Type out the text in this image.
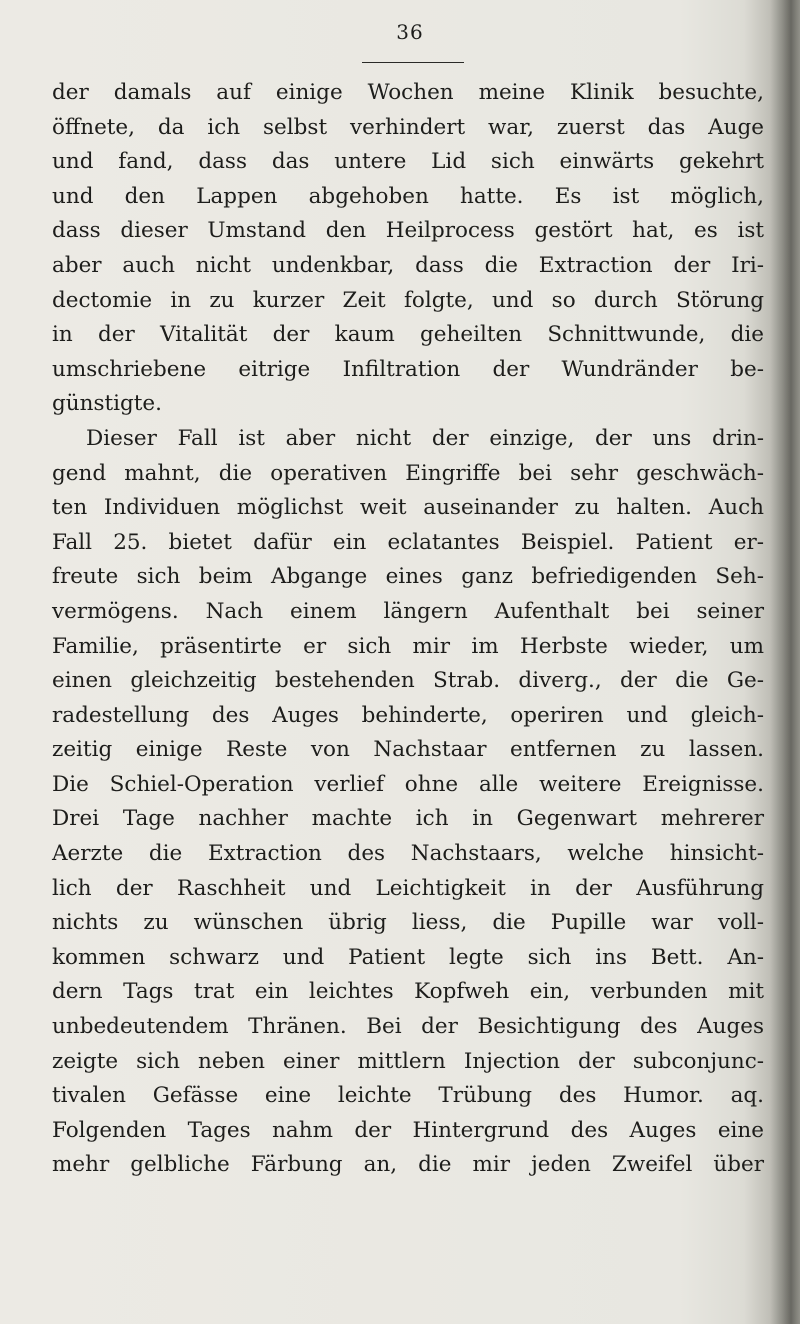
36
der damals auf einige Wochen meine Klinik besuchte,
öffnete, da ich selbst verhindert war, zuerst das Auge
und fand, dass das untere Lid sich einwärts gekehrt
und den Lappen abgehoben hatte. Es ist möglich,
dass dieser Umstand den Heilprocess gestört hat, es ist
aber auch nicht undenkbar, dass die Extraction der Iri-
dectomie in zu kurzer Zeit folgte, und so durch Störung
in der Vitalität der kaum geheilten Schnittwunde, die
umschriebene eitrige Infiltration der Wundränder be-
günstigte.
Dieser Fall ist aber nicht der einzige, der uns drin-
gend mahnt, die operativen Eingriffe bei sehr geschwäch-
ten Individuen möglichst weit auseinander zu halten. Auch
Fall 25. bietet dafür ein eclatantes Beispiel. Patient er-
freute sich beim Abgange eines ganz befriedigenden Seh-
vermögens. Nach einem längern Aufenthalt bei seiner
Familie, präsentirte er sich mir im Herbste wieder, um
einen gleichzeitig bestehenden Strab. diverg., der die Ge-
radestellung des Auges behinderte, operiren und gleich-
zeitig einige Reste von Nachstaar entfernen zu lassen.
Die Schiel-Operation verlief ohne alle weitere Ereignisse.
Drei Tage nachher machte ich in Gegenwart mehrerer
Aerzte die Extraction des Nachstaars, welche hinsicht-
lich der Raschheit und Leichtigkeit in der Ausführung
nichts zu wünschen übrig liess, die Pupille war voll-
kommen schwarz und Patient legte sich ins Bett. An-
dern Tags trat ein leichtes Kopfweh ein, verbunden mit
unbedeutendem Thränen. Bei der Besichtigung des Auges
zeigte sich neben einer mittlern Injection der subconjunc-
tivalen Gefässe eine leichte Trübung des Humor. aq.
Folgenden Tages nahm der Hintergrund des Auges eine
mehr gelbliche Färbung an, die mir jeden Zweifel über
